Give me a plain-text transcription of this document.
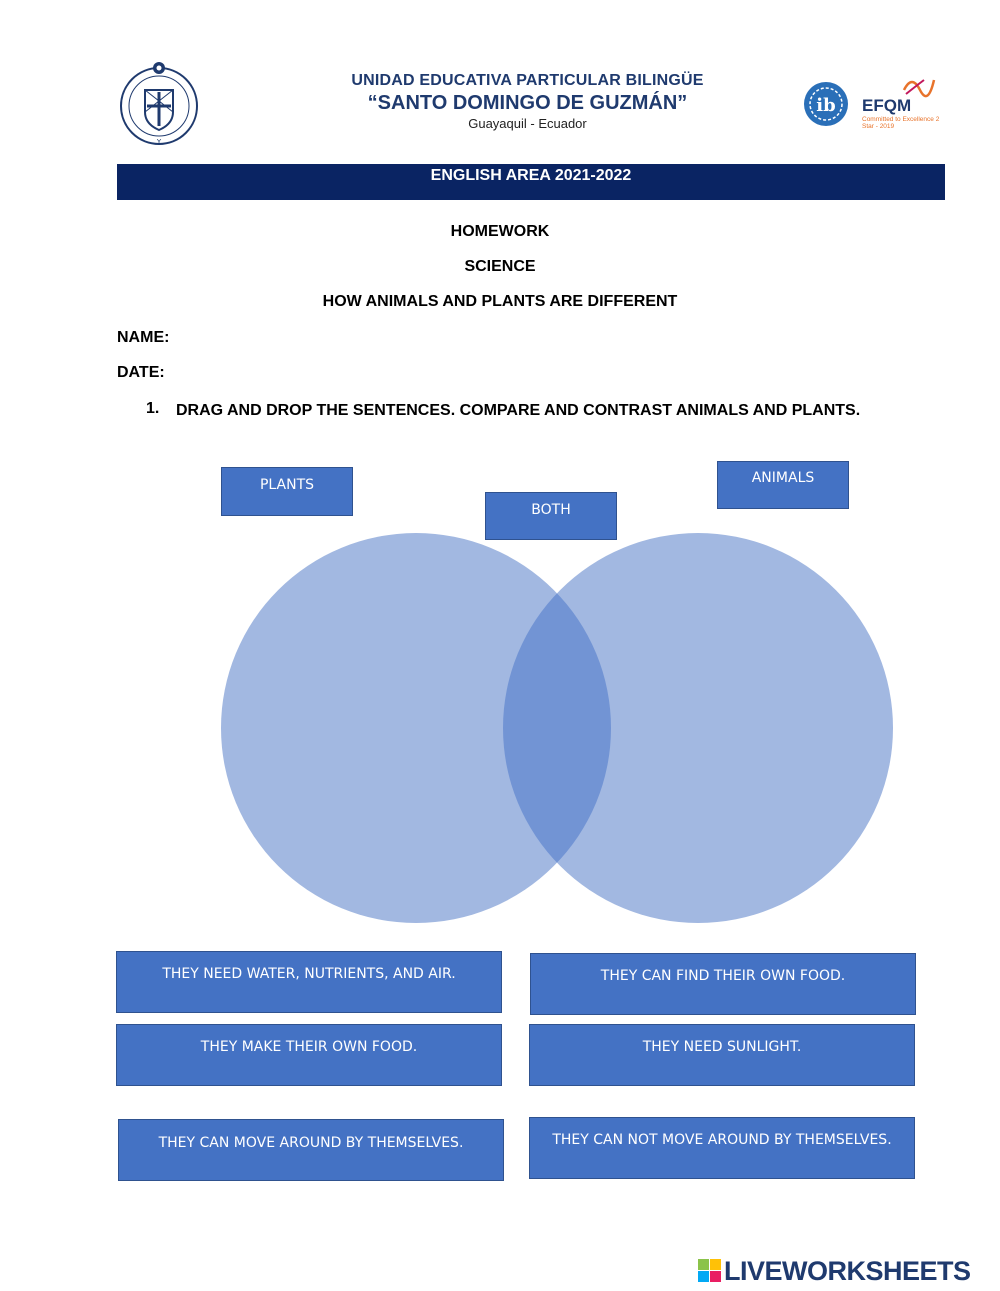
Y
UNIDAD EDUCATIVA PARTICULAR BILINGÜE
“SANTO DOMINGO DE GUZMÁN”
Guayaquil - Ecuador
ib EFQM
Committed to Excellence 2 Star - 2019
ENGLISH AREA 2021-2022
HOMEWORK
SCIENCE
HOW ANIMALS AND PLANTS ARE DIFFERENT
NAME:
DATE:
1. DRAG AND DROP THE SENTENCES. COMPARE AND CONTRAST ANIMALS AND PLANTS.
PLANTS
BOTH
ANIMALS
THEY NEED WATER, NUTRIENTS, AND AIR.	THEY CAN FIND THEIR OWN FOOD.
THEY MAKE THEIR OWN FOOD.	THEY NEED SUNLIGHT.
THEY CAN MOVE AROUND BY THEMSELVES.	THEY CAN NOT MOVE AROUND BY THEMSELVES.
LIVEWORKSHEETS
